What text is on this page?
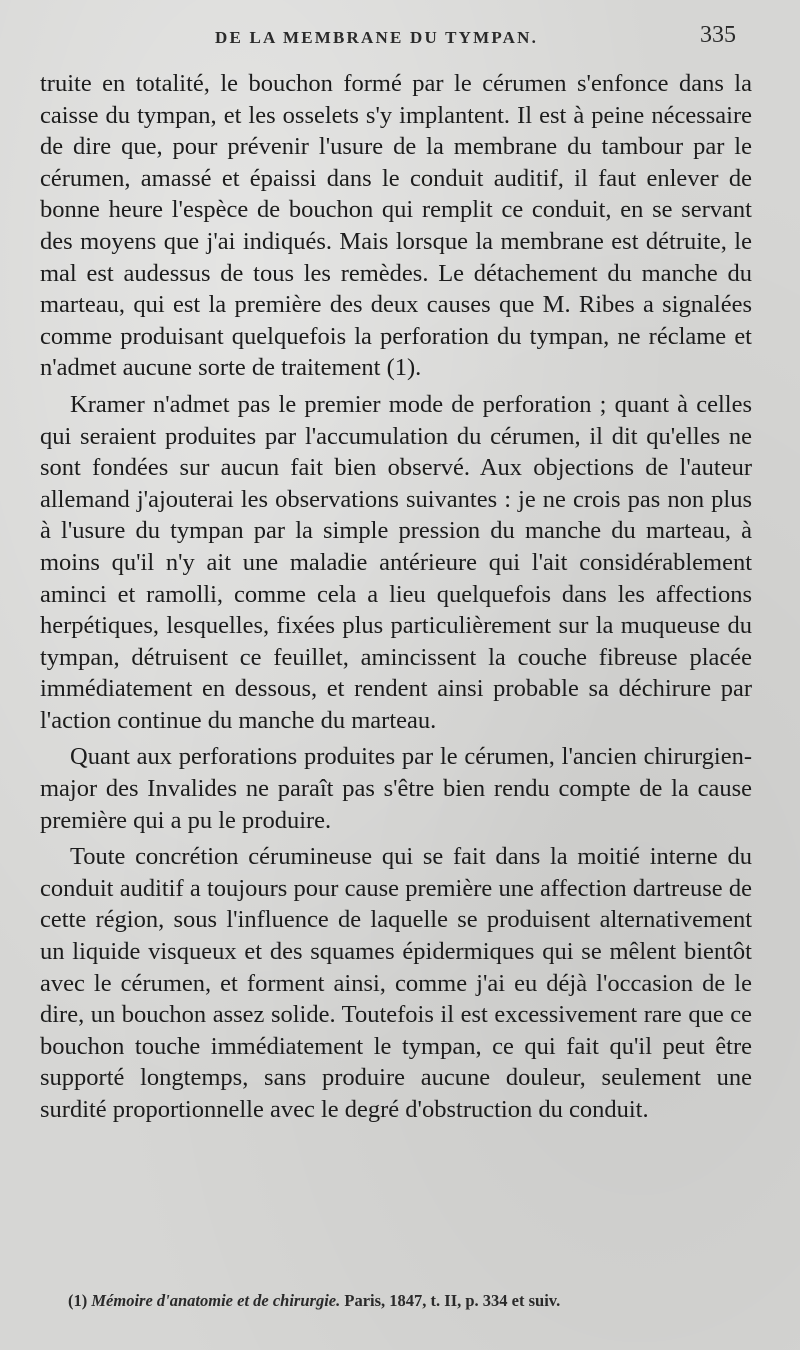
DE LA MEMBRANE DU TYMPAN.	335

truite en totalité, le bouchon formé par le cérumen s'enfonce dans la caisse du tympan, et les osselets s'y implantent. Il est à peine nécessaire de dire que, pour prévenir l'usure de la membrane du tambour par le cérumen, amassé et épaissi dans le conduit auditif, il faut enlever de bonne heure l'espèce de bouchon qui remplit ce conduit, en se servant des moyens que j'ai indiqués. Mais lorsque la membrane est détruite, le mal est audessus de tous les remèdes. Le détachement du manche du marteau, qui est la première des deux causes que M. Ribes a signalées comme produisant quelquefois la perforation du tympan, ne réclame et n'admet aucune sorte de traitement (1).

Kramer n'admet pas le premier mode de perforation ; quant à celles qui seraient produites par l'accumulation du cérumen, il dit qu'elles ne sont fondées sur aucun fait bien observé. Aux objections de l'auteur allemand j'ajouterai les observations suivantes : je ne crois pas non plus à l'usure du tympan par la simple pression du manche du marteau, à moins qu'il n'y ait une maladie antérieure qui l'ait considérablement aminci et ramolli, comme cela a lieu quelquefois dans les affections herpétiques, lesquelles, fixées plus particulièrement sur la muqueuse du tympan, détruisent ce feuillet, amincissent la couche fibreuse placée immédiatement en dessous, et rendent ainsi probable sa déchirure par l'action continue du manche du marteau.

Quant aux perforations produites par le cérumen, l'ancien chirurgien-major des Invalides ne paraît pas s'être bien rendu compte de la cause première qui a pu le produire.

Toute concrétion cérumineuse qui se fait dans la moitié interne du conduit auditif a toujours pour cause première une affection dartreuse de cette région, sous l'influence de laquelle se produisent alternativement un liquide visqueux et des squames épidermiques qui se mêlent bientôt avec le cérumen, et forment ainsi, comme j'ai eu déjà l'occasion de le dire, un bouchon assez solide. Toutefois il est excessivement rare que ce bouchon touche immédiatement le tympan, ce qui fait qu'il peut être supporté longtemps, sans produire aucune douleur, seulement une surdité proportionnelle avec le degré d'obstruction du conduit.

(1) Mémoire d'anatomie et de chirurgie. Paris, 1847, t. II, p. 334 et suiv.
